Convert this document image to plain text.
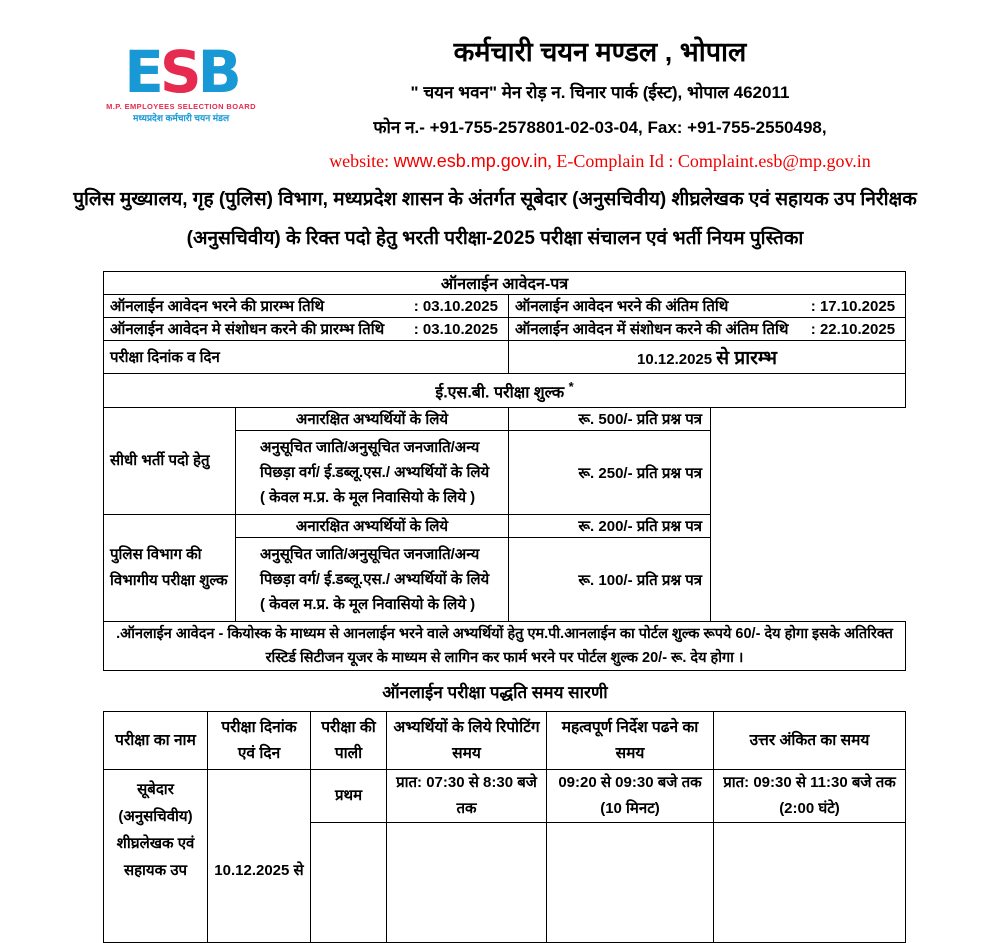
ESB
M.P. EMPLOYEES SELECTION BOARD
मध्यप्रदेश कर्मचारी चयन मंडल
कर्मचारी चयन मण्डल , भोपाल
" चयन भवन" मेन रोड़ न. चिनार पार्क (ईस्ट), भोपाल 462011
फोन न.- +91-755-2578801-02-03-04, Fax: +91-755-2550498,
website: www.esb.mp.gov.in, E-Complain Id : Complaint.esb@mp.gov.in
पुलिस मुख्यालय, गृह (पुलिस) विभाग, मध्यप्रदेश शासन के अंतर्गत सूबेदार (अनुसचिवीय) शीघ्रलेखक एवं सहायक उप निरीक्षक (अनुसचिवीय) के रिक्त पदो हेतु भरती परीक्षा-2025 परीक्षा संचालन एवं भर्ती नियम पुस्तिका
ऑनलाईन आवेदन-पत्र		

ऑनलाईन आवेदन भरने की प्रारम्भ तिथि : 03.10.2025		ऑनलाईन आवेदन भरने की अंतिम तिथि : 17.10.2025

ऑनलाईन आवेदन मे संशोधन करने की प्रारम्भ तिथि : 03.10.2025		ऑनलाईन आवेदन में संशोधन करने की अंतिम तिथि : 22.10.2025

परीक्षा दिनांक व दिन		10.12.2025 से प्रारम्भ
ई.एस.बी. परीक्षा शुल्क *
सीधी भर्ती पदो हेतु	अनारक्षित अभ्यर्थियों के लिये	रू. 500/- प्रति प्रश्न पत्र
	अनुसूचित जाति/अनुसूचित जनजाति/अन्य पिछड़ा वर्ग/ ई.डब्लू.एस./ अभ्यर्थियों के लिये ( केवल म.प्र. के मूल निवासियो के लिये )	रू. 250/- प्रति प्रश्न पत्र
पुलिस विभाग की विभागीय परीक्षा शुल्क	अनारक्षित अभ्यर्थियों के लिये	रू. 200/- प्रति प्रश्न पत्र
	अनुसूचित जाति/अनुसूचित जनजाति/अन्य पिछड़ा वर्ग/ ई.डब्लू.एस./ अभ्यर्थियों के लिये ( केवल म.प्र. के मूल निवासियो के लिये )	रू. 100/- प्रति प्रश्न पत्र
.ऑनलाईन आवेदन - कियोस्क के माध्यम से आनलाईन भरने वाले अभ्यर्थियों हेतु एम.पी.आनलाईन का पोर्टल शुल्क रूपये 60/- देय होगा इसके अतिरिक्त रस्टिर्ड सिटीजन यूजर के माध्यम से लागिन कर फार्म भरने पर पोर्टल शुल्क 20/- रू. देय होगा ।		
ऑनलाईन परीक्षा पद्धति समय सारणी
परीक्षा का नाम	परीक्षा दिनांक एवं दिन	परीक्षा की पाली	अभ्यर्थियों के लिये रिपोटिंग समय	महत्वपूर्ण निर्देश पढने का समय	उत्तर अंकित का समय
सूबेदार (अनुसचिवीय) शीघ्रलेखक एवं सहायक उप	10.12.2025 से	प्रथम	प्रात: 07:30 से 8:30 बजे तक	09:20 से 09:30 बजे तक (10 मिनट)	प्रात: 09:30 से 11:30 बजे तक (2:00 घंटे)
